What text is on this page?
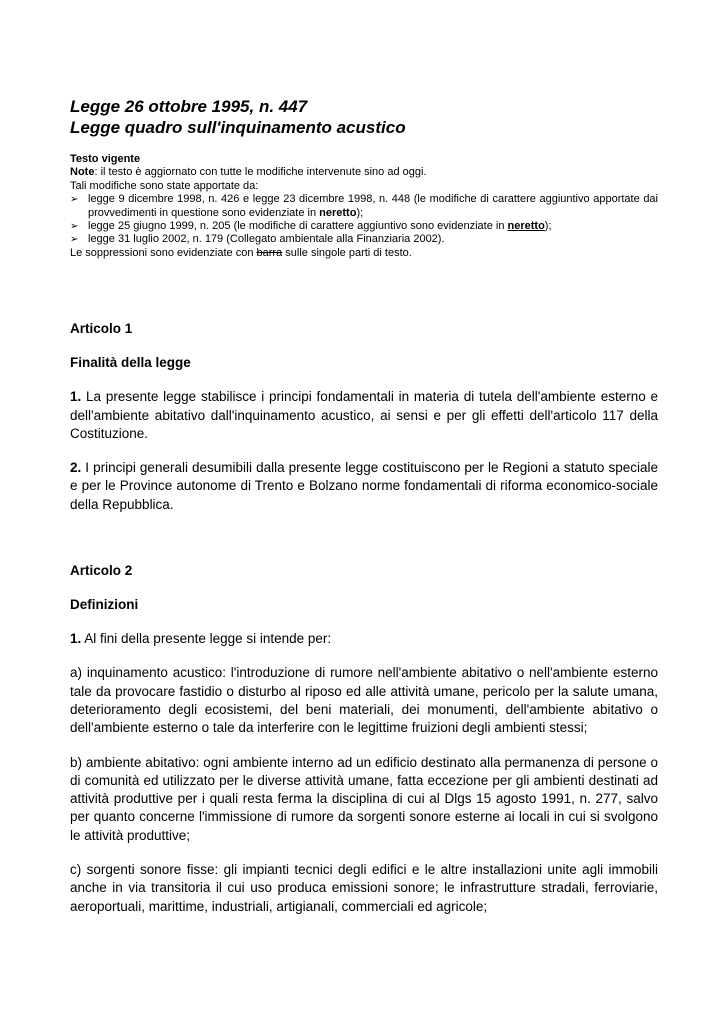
Legge 26 ottobre 1995, n. 447
Legge quadro sull'inquinamento acustico

Testo vigente

Note: il testo è aggiornato con tutte le modifiche intervenute sino ad oggi.

Tali modifiche sono state apportate da:

➢ legge 9 dicembre 1998, n. 426 e legge 23 dicembre 1998, n. 448 (le modifiche di carattere aggiuntivo apportate dai provvedimenti in questione sono evidenziate in neretto);
➢ legge 25 giugno 1999, n. 205 (le modifiche di carattere aggiuntivo sono evidenziate in neretto);
➢ legge 31 luglio 2002, n. 179 (Collegato ambientale alla Finanziaria 2002).

Le soppressioni sono evidenziate con barra sulle singole parti di testo.

Articolo 1
Finalità della legge

1. La presente legge stabilisce i principi fondamentali in materia di tutela dell'ambiente esterno e dell'ambiente abitativo dall'inquinamento acustico, ai sensi e per gli effetti dell'articolo 117 della Costituzione.

2. I principi generali desumibili dalla presente legge costituiscono per le Regioni a statuto speciale e per le Province autonome di Trento e Bolzano norme fondamentali di riforma economico-sociale della Repubblica.

Articolo 2
Definizioni

1. Al fini della presente legge si intende per:

a) inquinamento acustico: l'introduzione di rumore nell'ambiente abitativo o nell'ambiente esterno tale da provocare fastidio o disturbo al riposo ed alle attività umane, pericolo per la salute umana, deterioramento degli ecosistemi, del beni materiali, dei monumenti, dell'ambiente abitativo o dell'ambiente esterno o tale da interferire con le legittime fruizioni degli ambienti stessi;

b) ambiente abitativo: ogni ambiente interno ad un edificio destinato alla permanenza di persone o di comunità ed utilizzato per le diverse attività umane, fatta eccezione per gli ambienti destinati ad attività produttive per i quali resta ferma la disciplina di cui al Dlgs 15 agosto 1991, n. 277, salvo per quanto concerne l'immissione di rumore da sorgenti sonore esterne ai locali in cui si svolgono le attività produttive;

c) sorgenti sonore fisse: gli impianti tecnici degli edifici e le altre installazioni unite agli immobili anche in via transitoria il cui uso produca emissioni sonore; le infrastrutture stradali, ferroviarie, aeroportuali, marittime, industriali, artigianali, commerciali ed agricole;
